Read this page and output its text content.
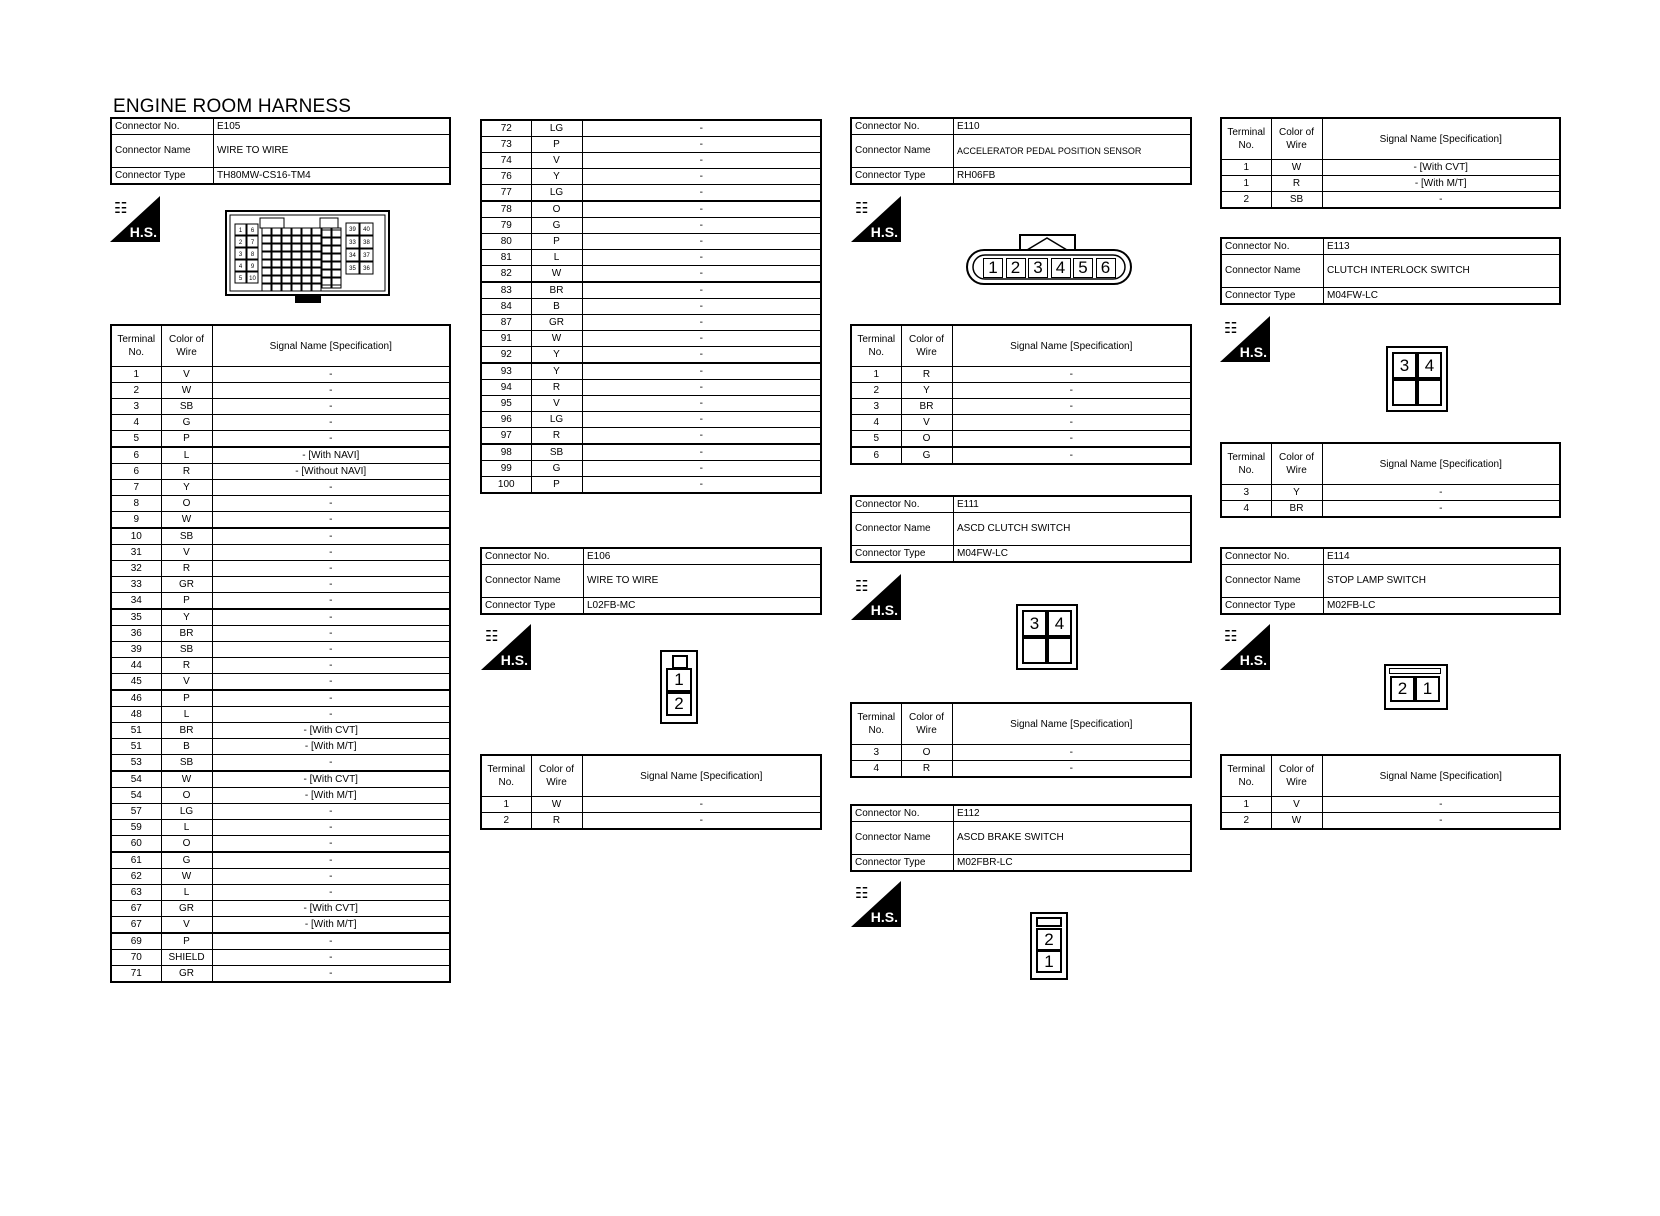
ENGINE ROOM HARNESS
Connector No.	E105
Connector Name	WIRE TO WIRE
Connector Type	TH80MW-CS16-TM4
☷
H.S.	1 6
2 7
3 8
4 9
5 10
39 40
33 38
34 37
35 36
Terminal No.	Color of Wire	Signal Name [Specification]
1	V	-
2	W	-
3	SB	-
4	G	-
5	P	-
6	L	- [With NAVI]
6	R	- [Without NAVI]
7	Y	-
8	O	-
9	W	-
10	SB	-
31	V	-
32	R	-
33	GR	-
34	P	-
35	Y	-
36	BR	-
39	SB	-
44	R	-
45	V	-
46	P	-
48	L	-
51	BR	- [With CVT]
51	B	- [With M/T]
53	SB	-
54	W	- [With CVT]
54	O	- [With M/T]
57	LG	-
59	L	-
60	O	-
61	G	-
62	W	-
63	L	-
67	GR	- [With CVT]
67	V	- [With M/T]
69	P	-
70	SHIELD	-
71	GR	-
72	LG	-
73	P	-
74	V	-
76	Y	-
77	LG	-
78	O	-
79	G	-
80	P	-
81	L	-
82	W	-
83	BR	-
84	B	-
87	GR	-
91	W	-
92	Y	-
93	Y	-
94	R	-
95	V	-
96	LG	-
97	R	-
98	SB	-
99	G	-
100	P	-
Connector No.	E106
Connector Name	WIRE TO WIRE
Connector Type	L02FB-MC
☷
H.S.
1
2
Terminal No.	Color of Wire	Signal Name [Specification]
1	W	-
2	R	-
Connector No.	E110
Connector Name	ACCELERATOR PEDAL POSITION SENSOR
Connector Type	RH06FB
☷
H.S.
1 2 3 4 5 6
Terminal No.	Color of Wire	Signal Name [Specification]
1	R	-
2	Y	-
3	BR	-
4	V	-
5	O	-
6	G	-
Connector No.	E111
Connector Name	ASCD CLUTCH SWITCH
Connector Type	M04FW-LC
☷
H.S.
3 4
Terminal No.	Color of Wire	Signal Name [Specification]
3	O	-
4	R	-
Connector No.	E112
Connector Name	ASCD BRAKE SWITCH
Connector Type	M02FBR-LC
☷
H.S.
2
1
Terminal No.	Color of Wire	Signal Name [Specification]
1	W	- [With CVT]
1	R	- [With M/T]
2	SB	-
Connector No.	E113
Connector Name	CLUTCH INTERLOCK SWITCH
Connector Type	M04FW-LC
☷
H.S.
3 4
Terminal No.	Color of Wire	Signal Name [Specification]
3	Y	-
4	BR	-
Connector No.	E114
Connector Name	STOP LAMP SWITCH
Connector Type	M02FB-LC
☷
H.S.
2 1
Terminal No.	Color of Wire	Signal Name [Specification]
1	V	-
2	W	-
